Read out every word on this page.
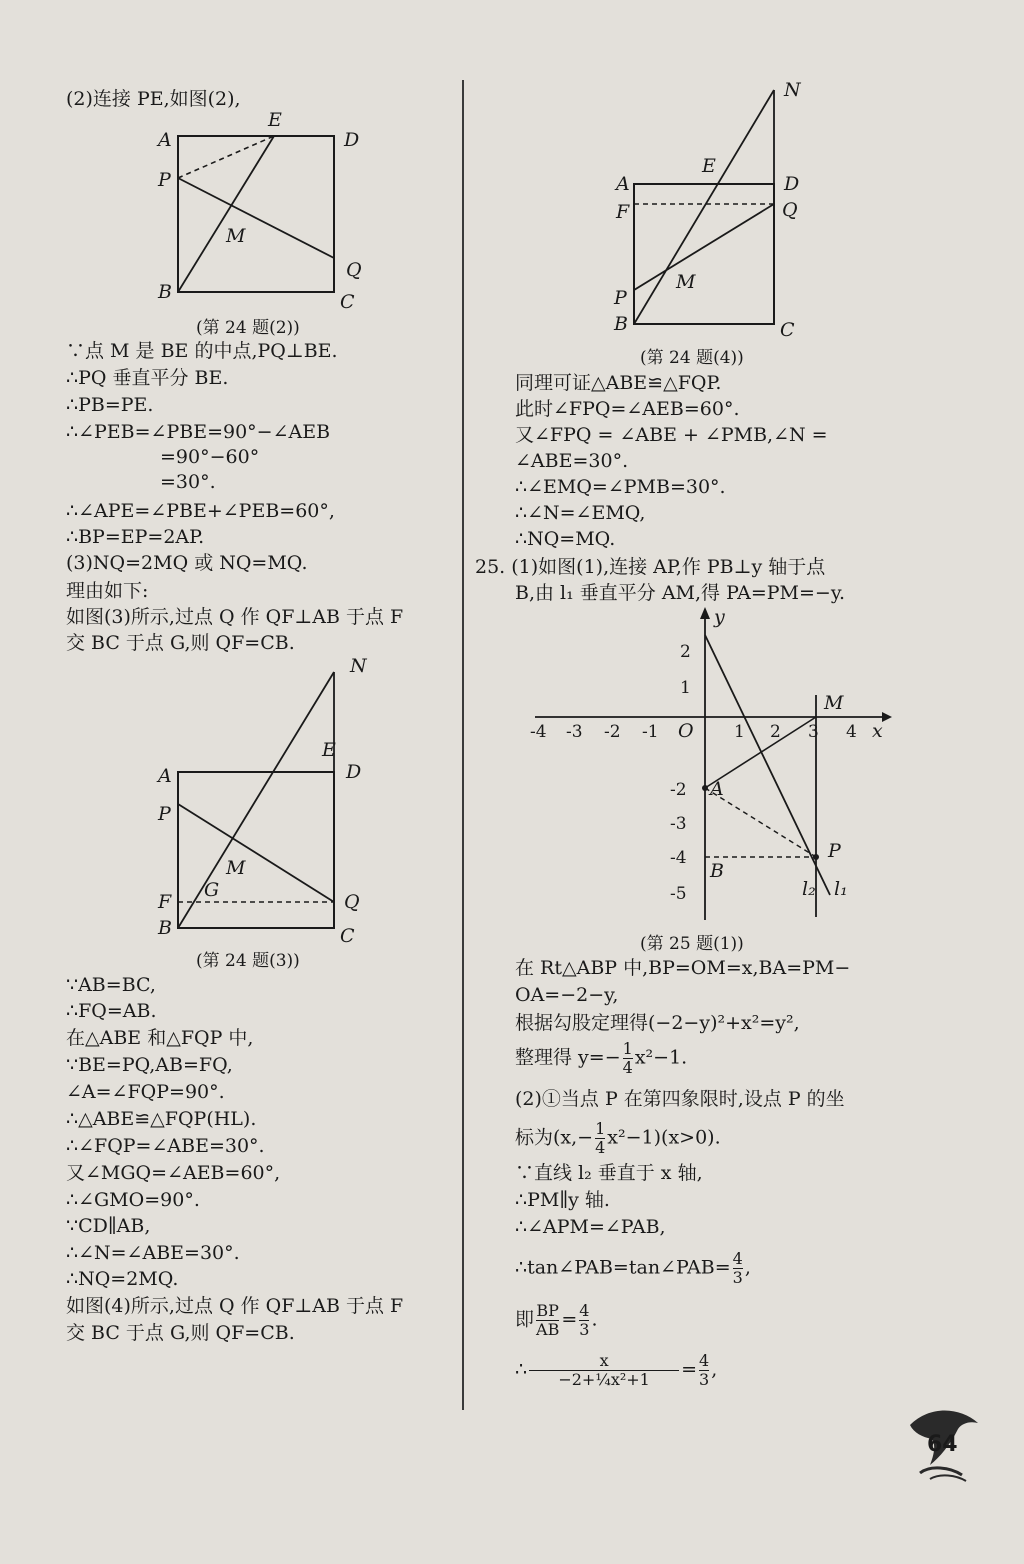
(2)连接 PE,如图(2),
A
P
B
E
D
Q
C
M
(第 24 题(2))
∵点 M 是 BE 的中点,PQ⊥BE.
∴PQ 垂直平分 BE.
∴PB=PE.
∴∠PEB=∠PBE=90°−∠AEB
=90°−60°
=30°.
∴∠APE=∠PBE+∠PEB=60°,
∴BP=EP=2AP.
(3)NQ=2MQ 或 NQ=MQ.
理由如下:
如图(3)所示,过点 Q 作 QF⊥AB 于点 F
交 BC 于点 G,则 QF=CB.
N
E
A	D
P
M
G
F	Q
B	C
(第 24 题(3))
∵AB=BC,
∴FQ=AB.
在△ABE 和△FQP 中,
∵BE=PQ,AB=FQ,
∠A=∠FQP=90°.
∴△ABE≌△FQP(HL).
∴∠FQP=∠ABE=30°.
又∠MGQ=∠AEB=60°,
∴∠GMO=90°.
∵CD∥AB,
∴∠N=∠ABE=30°.
∴NQ=2MQ.
如图(4)所示,过点 Q 作 QF⊥AB 于点 F
交 BC 于点 G,则 QF=CB.
N
E
A	D
F	Q
M
P
B	C
(第 24 题(4))
同理可证△ABE≌△FQP.
此时∠FPQ=∠AEB=60°.
又∠FPQ = ∠ABE + ∠PMB,∠N =
∠ABE=30°.
∴∠EMQ=∠PMB=30°.
∴∠N=∠EMQ,
∴NQ=MQ.
25. (1)如图(1),连接 AP,作 PB⊥y 轴于点
B,由 l₁ 垂直平分 AM,得 PA=PM=−y.
-4 -3 -2 -1 O 1 2 3 4 x
y
2
1
-2
-3
-4
-5
M
A
B
P
l₂ l₁
(第 25 题(1))
在 Rt△ABP 中,BP=OM=x,BA=PM−
OA=−2−y,
根据勾股定理得(−2−y)²+x²=y²,
整理得 $y=- \frac{1}{4} x^2-1$.
(2)①当点 P 在第四象限时,设点 P 的坐
标为$(x,- \frac{1}{4} x^2-1)(x>0)$.
∵直线 l₂ 垂直于 x 轴,
∴PM∥y 轴.
∴∠APM=∠PAB,
∴tan∠PAB=tan∠PAB= $\frac{4}{3}$ ,
即 $\frac{BP}{AB} = \frac{4}{3}$ .
∴ $\frac{x}{\text{−2+¼x²+1}} = \frac{4}{3}$ ,
64
